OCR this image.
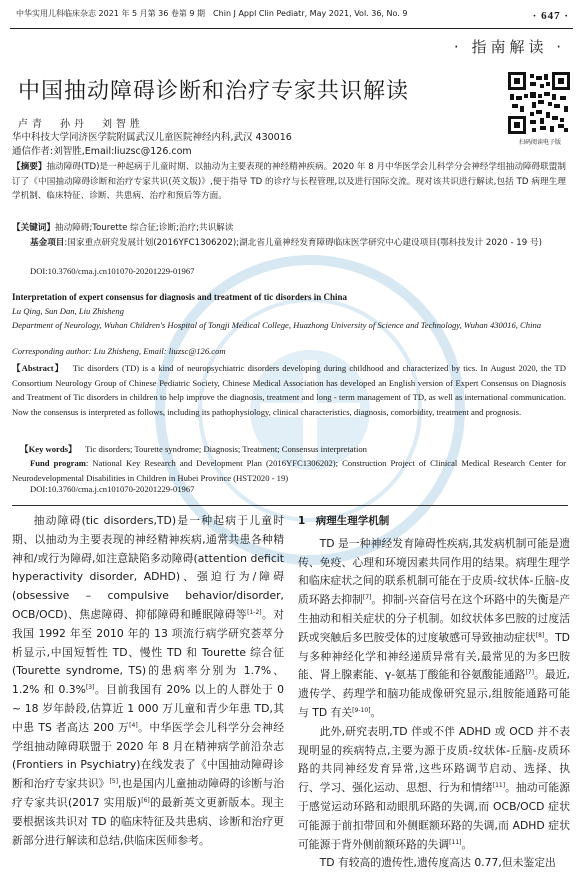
中华实用儿科临床杂志 2021 年 5 月第 36 卷第 9 期　Chin J Appl Clin Pediatr, May 2021, Vol. 36, No. 9	· 647 ·
· 指南解读 ·
中国抽动障碍诊断和治疗专家共识解读
扫码阅读电子版
卢青　孙丹　刘智胜
华中科技大学同济医学院附属武汉儿童医院神经内科,武汉 430016
通信作者:刘智胜,Email:liuzsc@126.com
【摘要】抽动障碍(TD)是一种起病于儿童时期、以抽动为主要表现的神经精神疾病。2020 年 8 月中华医学会儿科学分会神经学组抽动障碍联盟制订了《中国抽动障碍诊断和治疗专家共识(英文版)》,便于指导 TD 的诊疗与长程管理,以及进行国际交流。现对该共识进行解读,包括 TD 病理生理学机制、临床特征、诊断、共患病、治疗和预后等方面。
【关键词】抽动障碍;Tourette 综合征;诊断;治疗;共识解读
基金项目:国家重点研究发展计划(2016YFC1306202);湖北省儿童神经发育障碍临床医学研究中心建设项目(鄂科技发计 2020 - 19 号)
DOI:10.3760/cma.j.cn101070-20201229-01967
Interpretation of expert consensus for diagnosis and treatment of tic disorders in China
Lu Qing, Sun Dan, Liu Zhisheng
Department of Neurology, Wuhan Children's Hospital of Tongji Medical College, Huazhong University of Science and Technology, Wuhan 430016, China
Corresponding author: Liu Zhisheng, Email: liuzsc@126.com
【Abstract】  Tic disorders (TD) is a kind of neuropsychiatric disorders developing during childhood and characterized by tics. In August 2020, the TD Consortium Neurology Group of Chinese Pediatric Society, Chinese Medical Association has developed an English version of Expert Consensus on Diagnosis and Treatment of Tic disorders in children to help improve the diagnosis, treatment and long - term management of TD, as well as international communication. Now the consensus is interpreted as follows, including its pathophysiology, clinical characteristics, diagnosis, comorbidity, treatment and prognosis.
【Key words】  Tic disorders; Tourette syndrome; Diagnosis; Treatment; Consensus interpretation
Fund program: National Key Research and Development Plan (2016YFC1306202); Construction Project of Clinical Medical Research Center for Neurodevelopmental Disabilities in Children in Hubei Province (HST2020 - 19)
DOI:10.3760/cma.j.cn101070-20201229-01967

抽动障碍(tic disorders,TD)是一种起病于儿童时期、以抽动为主要表现的神经精神疾病,通常共患各种精神和/或行为障碍,如注意缺陷多动障碍(attention deficit hyperactivity disorder, ADHD)、强迫行为/障碍(obsessive – compulsive behavior/disorder, OCB/OCD)、焦虑障碍、抑郁障碍和睡眠障碍等[1-2]。对我国 1992 年至 2010 年的 13 项流行病学研究荟萃分析显示,中国短暂性 TD、慢性 TD 和 Tourette 综合征(Tourette syndrome, TS)的患病率分别为 1.7%、1.2% 和 0.3%[3]。目前我国有 20% 以上的人群处于 0 ~ 18 岁年龄段,估算近 1 000 万儿童和青少年患 TD,其中患 TS 者高达 200 万[4]。中华医学会儿科学分会神经学组抽动障碍联盟于 2020 年 8 月在精神病学前沿杂志(Frontiers in Psychiatry)在线发表了《中国抽动障碍诊断和治疗专家共识》[5],也是国内儿童抽动障碍的诊断与治疗专家共识(2017 实用版)[6]的最新英文更新版本。现主要根据该共识对 TD 的临床特征及共患病、诊断和治疗更新部分进行解读和总结,供临床医师参考。

1　病理生理学机制

TD 是一种神经发育障碍性疾病,其发病机制可能是遗传、免疫、心理和环境因素共同作用的结果。病理生理学和临床症状之间的联系机制可能在于皮质-纹状体-丘脑-皮质环路去抑制[7]。抑制-兴奋信号在这个环路中的失衡是产生抽动和相关症状的分子机制。如纹状体多巴胺的过度活跃或突触后多巴胺受体的过度敏感可导致抽动症状[8]。TD 与多种神经化学和神经递质异常有关,最常见的为多巴胺能、肾上腺素能、γ-氨基丁酸能和谷氨酸能通路[7]。最近,遗传学、药理学和脑功能成像研究显示,组胺能通路可能与 TD 有关[9-10]。

此外,研究表明,TD 伴或不伴 ADHD 或 OCD 并不表现明显的疾病特点,主要为源于皮质-纹状体-丘脑-皮质环路的共同神经发育异常,这些环路调节启动、选择、执行、学习、强化运动、思想、行为和情绪[11]。抽动可能源于感觉运动环路和动眼肌环路的失调,而 OCB/OCD 症状可能源于前扣带回和外侧眶额环路的失调,而 ADHD 症状可能源于背外侧前额环路的失调[11]。

TD 有较高的遗传性,遗传度高达 0.77,但未鉴定出
